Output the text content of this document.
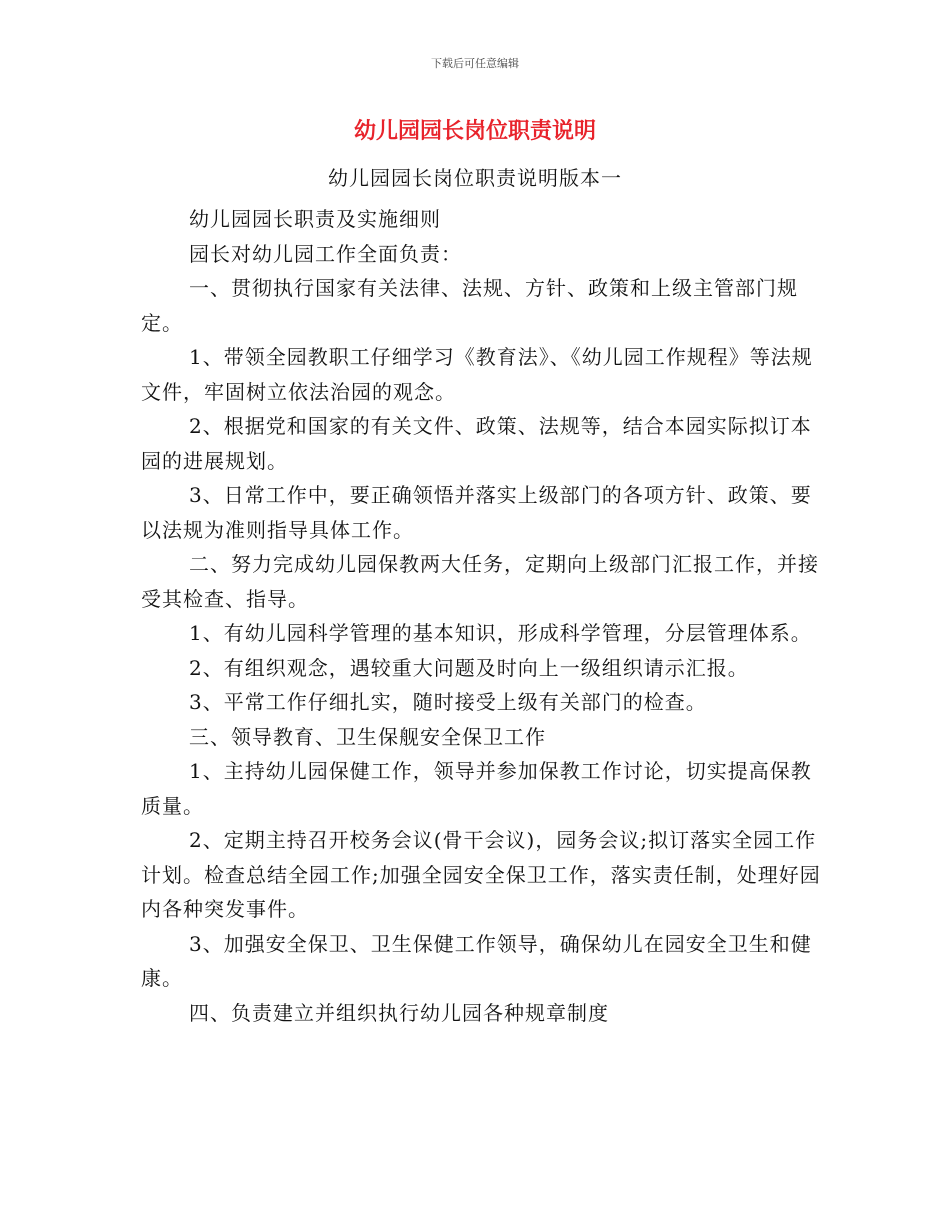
下载后可任意编辑
幼儿园园长岗位职责说明
幼儿园园长岗位职责说明版本一

幼儿园园长职责及实施细则

园长对幼儿园工作全面负责：

一、贯彻执行国家有关法律、法规、方针、政策和上级主管部门规定。

1、带领全园教职工仔细学习《教育法》、《幼儿园工作规程》等法规文件，牢固树立依法治园的观念。

2、根据党和国家的有关文件、政策、法规等，结合本园实际拟订本园的进展规划。

3、日常工作中，要正确领悟并落实上级部门的各项方针、政策、要以法规为准则指导具体工作。

二、努力完成幼儿园保教两大任务，定期向上级部门汇报工作，并接受其检查、指导。

1、有幼儿园科学管理的基本知识，形成科学管理，分层管理体系。

2、有组织观念，遇较重大问题及时向上一级组织请示汇报。

3、平常工作仔细扎实，随时接受上级有关部门的检查。

三、领导教育、卫生保舰安全保卫工作

1、主持幼儿园保健工作，领导并参加保教工作讨论，切实提高保教质量。

2、定期主持召开校务会议(骨干会议)，园务会议;拟订落实全园工作计划。检查总结全园工作;加强全园安全保卫工作，落实责任制，处理好园内各种突发事件。

3、加强安全保卫、卫生保健工作领导，确保幼儿在园安全卫生和健康。

四、负责建立并组织执行幼儿园各种规章制度
